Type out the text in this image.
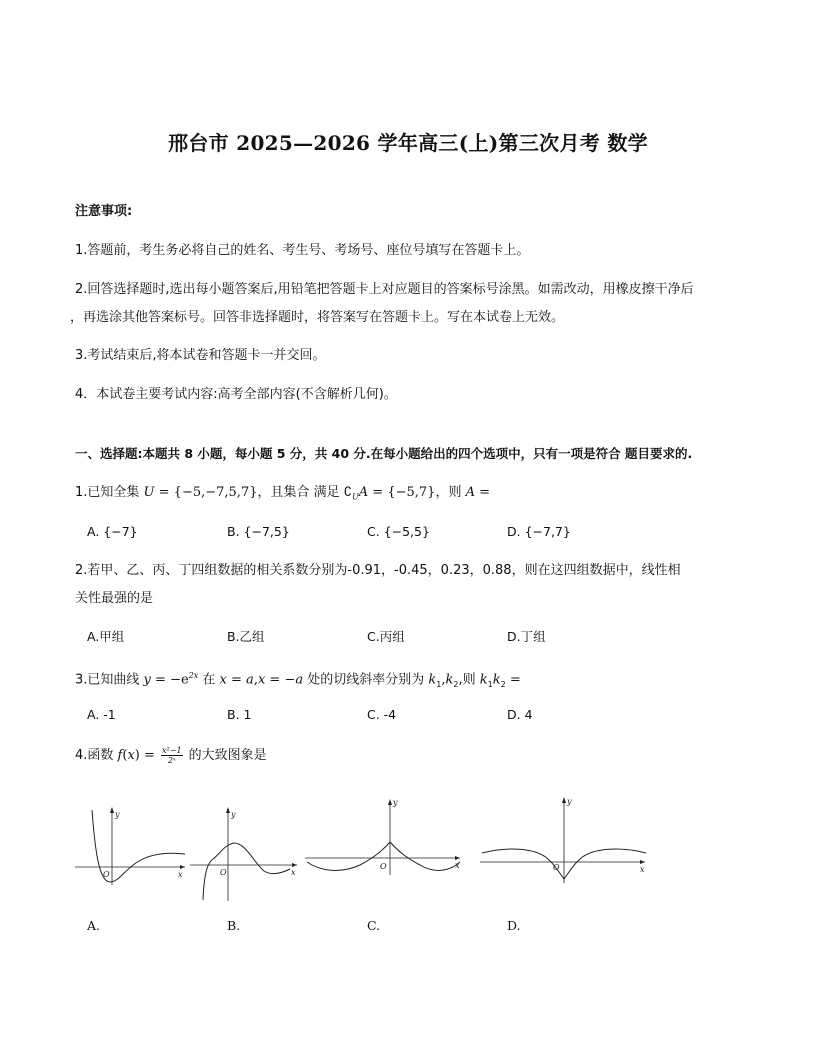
邢台市 2025—2026 学年高三(上)第三次月考 数学
注意事项:
1.答题前，考生务必将自己的姓名、考生号、考场号、座位号填写在答题卡上。
2.回答选择题时,选出每小题答案后,用铅笔把答题卡上对应题目的答案标号涂黑。如需改动，用橡皮擦干净后
，再选涂其他答案标号。回答非选择题时，将答案写在答题卡上。写在本试卷上无效。
3.考试结束后,将本试卷和答题卡一并交回。
4．本试卷主要考试内容:高考全部内容(不含解析几何)。
一、选择题:本题共 8 小题，每小题 5 分，共 40 分.在每小题给出的四个选项中，只有一项是符合 题目要求的.
1.已知全集 U = {−5,−7,5,7}，且集合 满足 $∁_UA = \{-5,7\}$，则 A =
A. {−7}	B. {−7,5}	C. {−5,5}	D. {−7,7}
2.若甲、乙、丙、丁四组数据的相关系数分别为-0.91，-0.45，0.23，0.88，则在这四组数据中，线性相
关性最强的是
A.甲组	B.乙组	C.丙组	D.丁组
3.已知曲线 $y = -e^{2x}$ 在 x = a,x = −a 处的切线斜率分别为 $k_1,k_2$,则 $k_1k_2$ =
A. -1	B. 1	C. -4	D. 4
4.函数 $f(x) = \frac{\text{x²−1}}{\text{2ˣ}}$ 的大致图象是
x
y
O	x
y
O
x
y
O	x
y
O
A.	B.	C.	D.
